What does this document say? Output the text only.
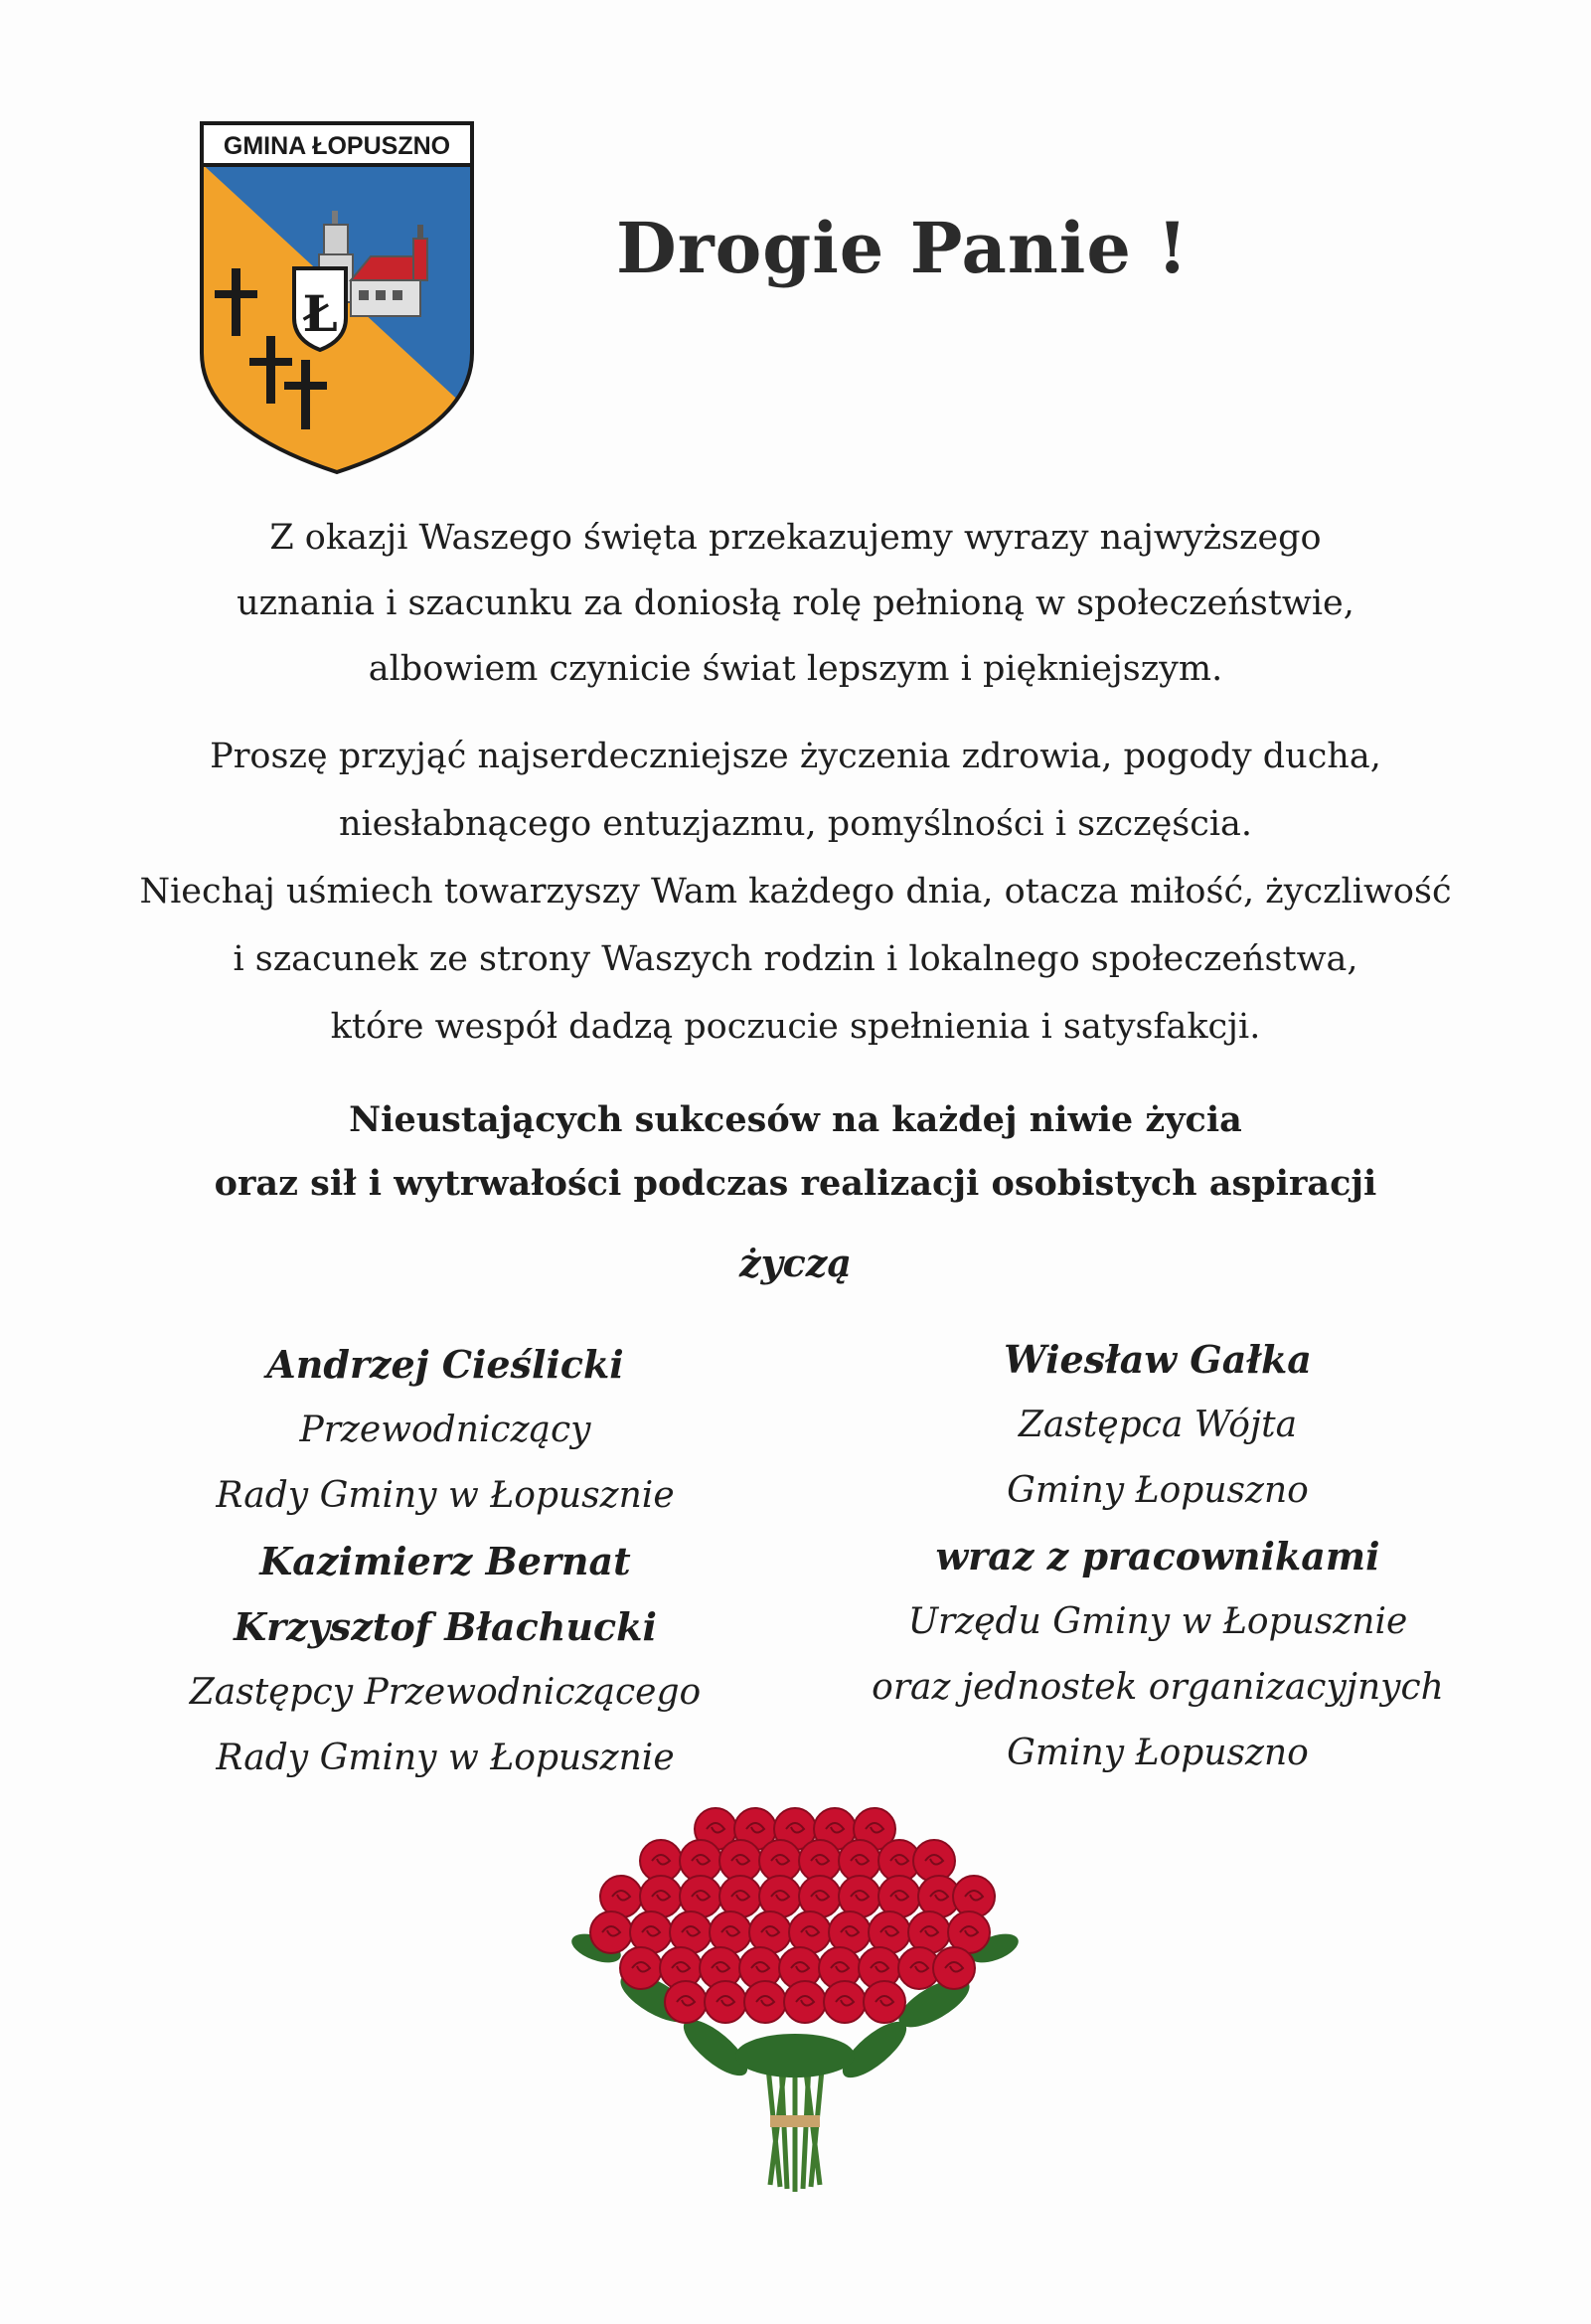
GMINA ŁOPUSZNO
Ł
Drogie Panie !
Z okazji Waszego święta przekazujemy wyrazy najwyższego
uznania i szacunku za doniosłą rolę pełnioną w społeczeństwie,
albowiem czynicie świat lepszym i piękniejszym.
Proszę przyjąć najserdeczniejsze życzenia zdrowia, pogody ducha,
niesłabnącego entuzjazmu, pomyślności i szczęścia.
Niechaj uśmiech towarzyszy Wam każdego dnia, otacza miłość, życzliwość
i szacunek ze strony Waszych rodzin i lokalnego społeczeństwa,
które wespół dadzą poczucie spełnienia i satysfakcji.
Nieustających sukcesów na każdej niwie życia
oraz sił i wytrwałości podczas realizacji osobistych aspiracji
życzą
Andrzej Cieślicki
Przewodniczący
Rady Gminy w Łopusznie
Kazimierz Bernat
Krzysztof Błachucki
Zastępcy Przewodniczącego
Rady Gminy w Łopusznie
Wiesław Gałka
Zastępca Wójta
Gminy Łopuszno
wraz z pracownikami
Urzędu Gminy w Łopusznie
oraz jednostek organizacyjnych
Gminy Łopuszno
